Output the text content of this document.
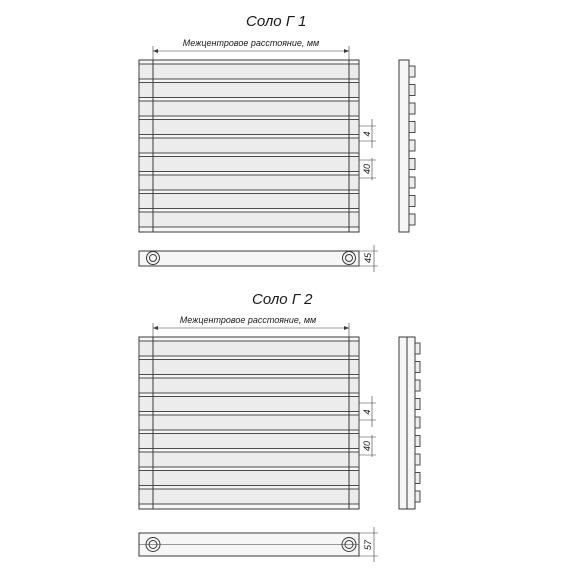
Соло Г 1
Межцентровое расстояние, мм
4
40
45
Соло Г 2
Межцентровое расстояние, мм
4
40
57
